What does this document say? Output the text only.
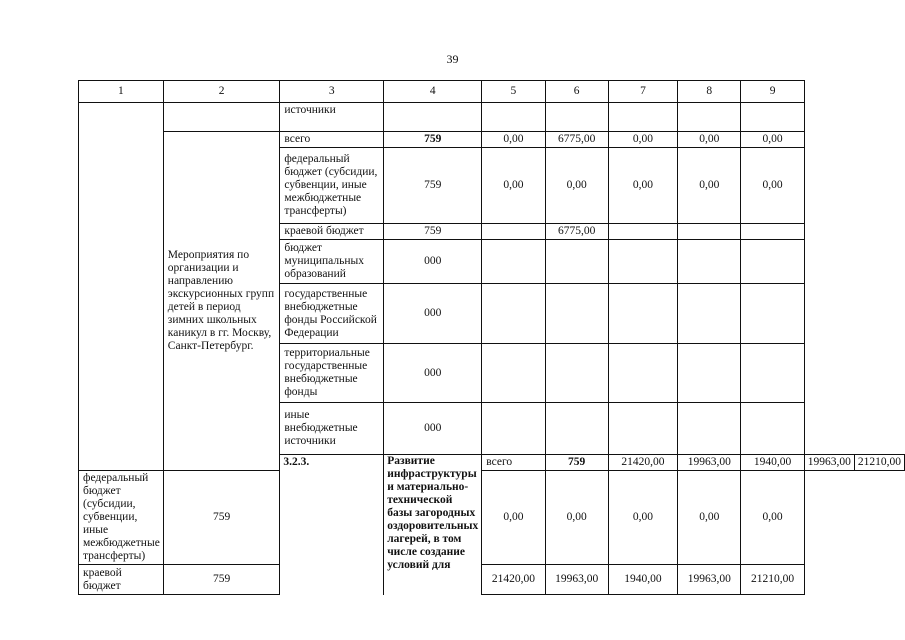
39
1	2	3	4	5	6	7	8	9		
		источники								
	Мероприятия по организации и направлению экскурсионных групп детей в период зимних школьных каникул в гг. Москву, Санкт-Петербург.	всего	759	0,00	6775,00	0,00	0,00	0,00		
		федеральный бюджет (субсидии, субвенции, иные межбюджетные трансферты)	759	0,00	0,00	0,00	0,00	0,00		
		краевой бюджет	759		6775,00					
		бюджет муниципальных образований	000							
		государственные внебюджетные фонды Российской Федерации	000							
		территориальные государственные внебюджетные фонды	000							
		иные внебюджетные источники	000							
		3.2.3.	Развитие инфраструктуры и материально-технической базы загородных оздоровительных лагерей, в том числе создание условий для	всего	759	21420,00	19963,00	1940,00	19963,00	21210,00
федеральный бюджет (субсидии, субвенции, иные межбюджетные трансферты)	759			0,00	0,00	0,00	0,00	0,00		
краевой бюджет	759			21420,00	19963,00	1940,00	19963,00	21210,00		
